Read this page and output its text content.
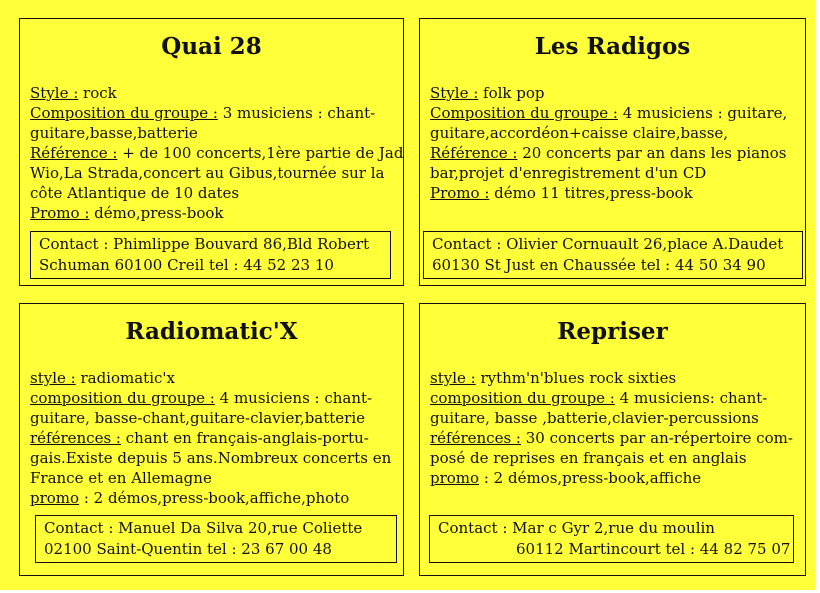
Quai 28
Style : rock
Composition du groupe : 3 musiciens : chant-
guitare,basse,batterie
Référence : + de 100 concerts,1ère partie de Jad
Wio,La Strada,concert au Gibus,tournée sur la
côte Atlantique de 10 dates
Promo : démo,press-book
Contact : Phimlippe Bouvard 86,Bld Robert
Schuman 60100 Creil tel : 44 52 23 10
Les Radigos
Style : folk pop
Composition du groupe : 4 musiciens : guitare,
guitare,accordéon+caisse claire,basse,
Référence : 20 concerts par an dans les pianos
bar,projet d'enregistrement d'un CD
Promo : démo 11 titres,press-book
Contact : Olivier Cornuault 26,place A.Daudet
60130 St Just en Chaussée tel : 44 50 34 90
Radiomatic'X
style : radiomatic'x
composition du groupe : 4 musiciens : chant-
guitare, basse-chant,guitare-clavier,batterie
références : chant en français-anglais-portu-
gais.Existe depuis 5 ans.Nombreux concerts en
France et en Allemagne
promo : 2 démos,press-book,affiche,photo
Contact : Manuel Da Silva 20,rue Coliette
02100 Saint-Quentin tel : 23 67 00 48
Repriser
style : rythm'n'blues rock sixties
composition du groupe : 4 musiciens: chant-
guitare, basse ,batterie,clavier-percussions
références : 30 concerts par an-répertoire com-
posé de reprises en français et en anglais
promo : 2 démos,press-book,affiche
Contact : Mar c Gyr 2,rue du moulin
60112 Martincourt tel : 44 82 75 07
